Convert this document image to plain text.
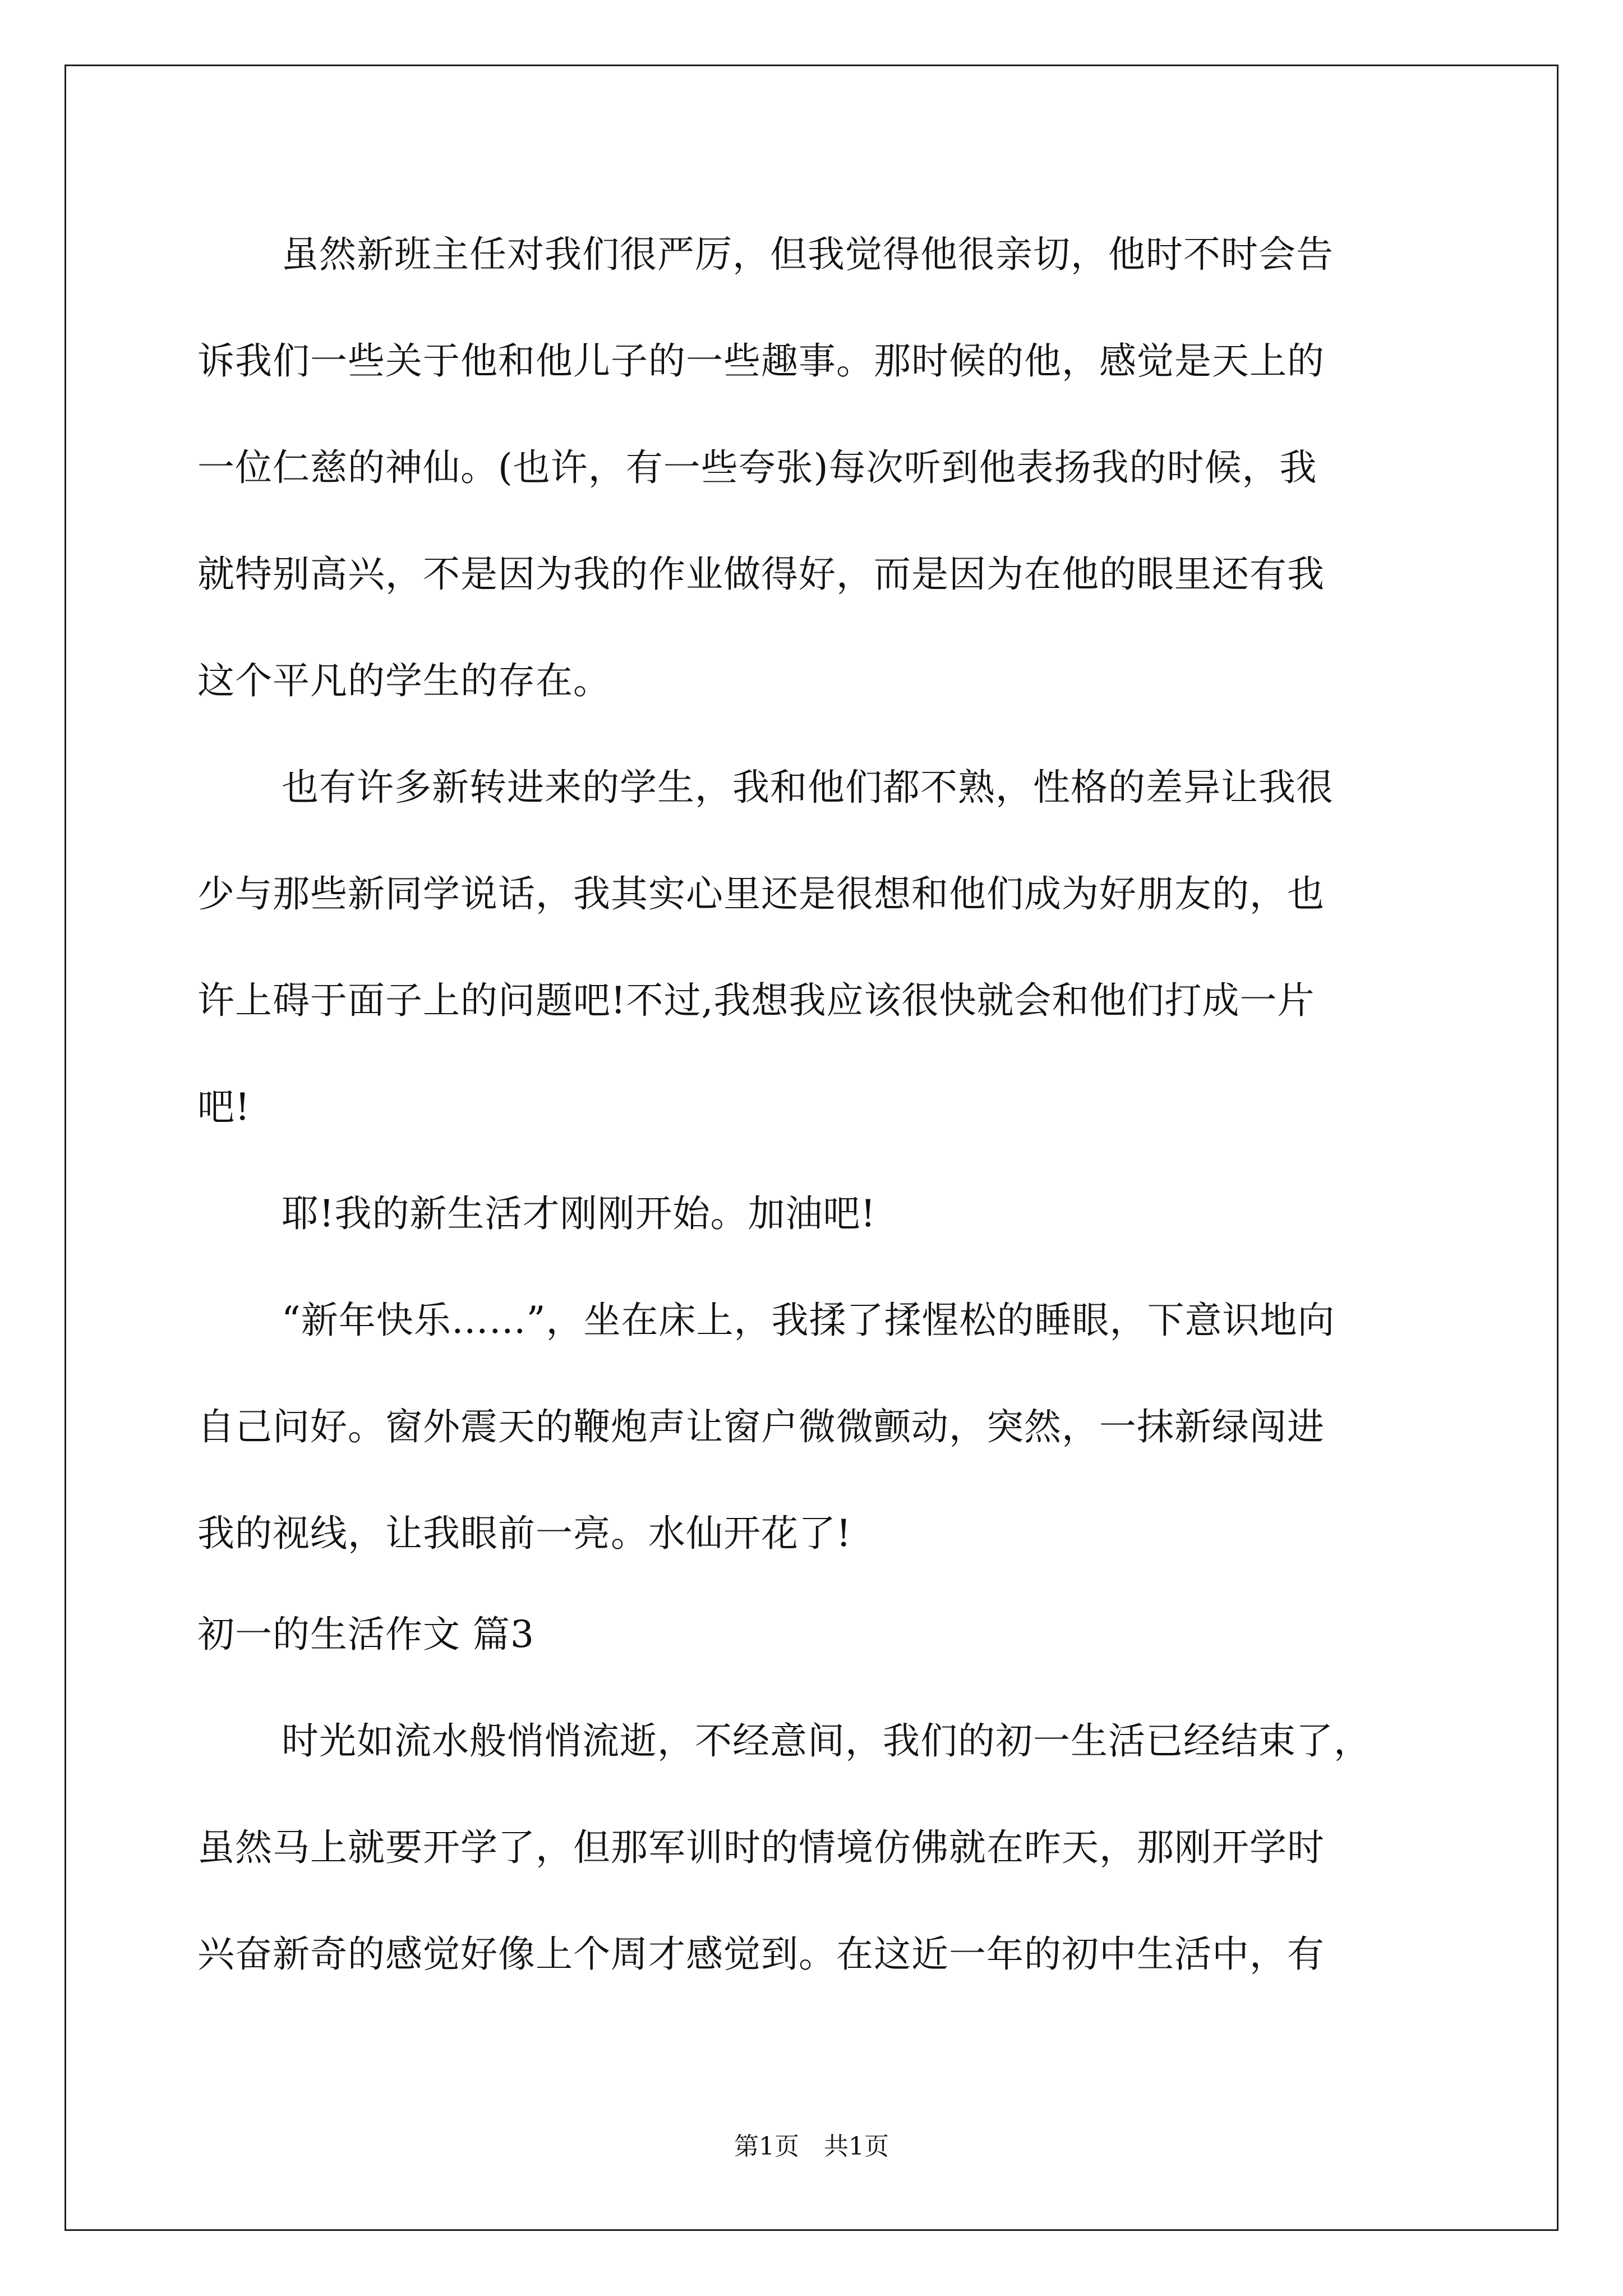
虽然新班主任对我们很严厉，但我觉得他很亲切，他时不时会告
诉我们一些关于他和他儿子的一些趣事。那时候的他，感觉是天上的
一位仁慈的神仙。(也许，有一些夸张)每次听到他表扬我的时候，我
就特别高兴，不是因为我的作业做得好，而是因为在他的眼里还有我
这个平凡的学生的存在。
也有许多新转进来的学生，我和他们都不熟，性格的差异让我很
少与那些新同学说话，我其实心里还是很想和他们成为好朋友的，也
许上碍于面子上的问题吧!不过,我想我应该很快就会和他们打成一片
吧!
耶!我的新生活才刚刚开始。加油吧!
“新年快乐……”，坐在床上，我揉了揉惺松的睡眼，下意识地向
自己问好。窗外震天的鞭炮声让窗户微微颤动，突然，一抹新绿闯进
我的视线，让我眼前一亮。水仙开花了!
初一的生活作文 篇3
时光如流水般悄悄流逝，不经意间，我们的初一生活已经结束了，
虽然马上就要开学了，但那军训时的情境仿佛就在昨天，那刚开学时
兴奋新奇的感觉好像上个周才感觉到。在这近一年的初中生活中，有
第1页　共1页
